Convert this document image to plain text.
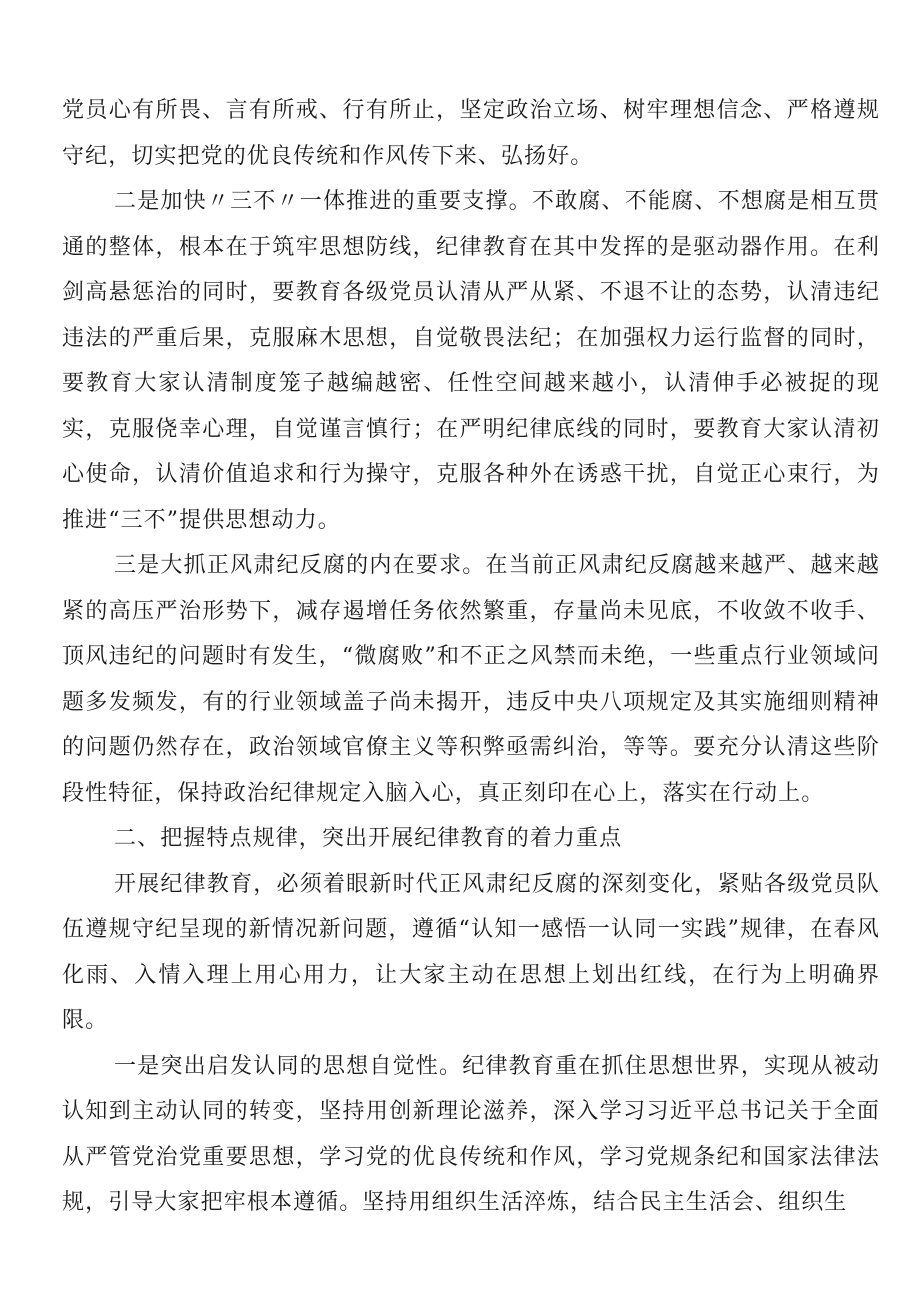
党员心有所畏、言有所戒、行有所止，坚定政治立场、树牢理想信念、严格遵规守纪，切实把党的优良传统和作风传下来、弘扬好。

二是加快〃三不〃一体推进的重要支撑。不敢腐、不能腐、不想腐是相互贯通的整体，根本在于筑牢思想防线，纪律教育在其中发挥的是驱动器作用。在利剑高悬惩治的同时，要教育各级党员认清从严从紧、不退不让的态势，认清违纪违法的严重后果，克服麻木思想，自觉敬畏法纪；在加强权力运行监督的同时，要教育大家认清制度笼子越编越密、任性空间越来越小，认清伸手必被捉的现实，克服侥幸心理，自觉谨言慎行；在严明纪律底线的同时，要教育大家认清初心使命，认清价值追求和行为操守，克服各种外在诱惑干扰，自觉正心束行，为推进“三不”提供思想动力。

三是大抓正风肃纪反腐的内在要求。在当前正风肃纪反腐越来越严、越来越紧的高压严治形势下，减存遏增任务依然繁重，存量尚未见底，不收敛不收手、顶风违纪的问题时有发生，“微腐败”和不正之风禁而未绝，一些重点行业领域问题多发频发，有的行业领域盖子尚未揭开，违反中央八项规定及其实施细则精神的问题仍然存在，政治领域官僚主义等积弊亟需纠治，等等。要充分认清这些阶段性特征，保持政治纪律规定入脑入心，真正刻印在心上，落实在行动上。

二、把握特点规律，突出开展纪律教育的着力重点

开展纪律教育，必须着眼新时代正风肃纪反腐的深刻变化，紧贴各级党员队伍遵规守纪呈现的新情况新问题，遵循“认知一感悟一认同一实践”规律，在春风化雨、入情入理上用心用力，让大家主动在思想上划出红线，在行为上明确界限。

一是突出启发认同的思想自觉性。纪律教育重在抓住思想世界，实现从被动认知到主动认同的转变，坚持用创新理论滋养，深入学习习近平总书记关于全面从严管党治党重要思想，学习党的优良传统和作风，学习党规条纪和国家法律法规，引导大家把牢根本遵循。坚持用组织生活淬炼，结合民主生活会、组织生
